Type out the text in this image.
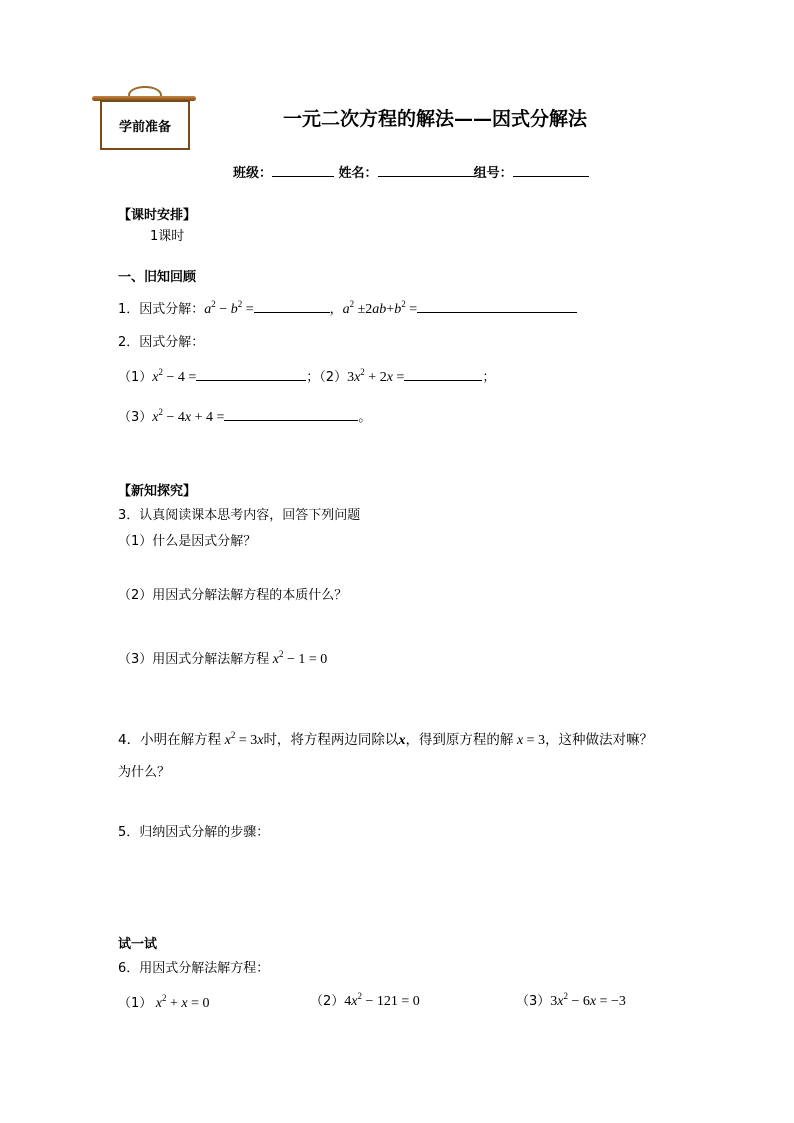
学前准备	一元二次方程的解法——因式分解法
班级：	姓名：	组号：
【课时安排】
1课时
一、旧知回顾
1．因式分解：$a^2 - b^2$ =	，$a^2 \pm 2ab+b^2$ =
2．因式分解：
$(1)x^2 - 4$ =	；$(2)3x^2 + 2x$ =	；
$(3)x^2 - 4x + 4$ =	。
【新知探究】
3．认真阅读课本思考内容，回答下列问题
（1）什么是因式分解？
（2）用因式分解法解方程的本质什么？
（3）用因式分解法解方程 $x^2 - 1 = 0$
4．小明在解方程 $x^2 = 3x$时，将方程两边同除以x，得到原方程的解 x = 3，这种做法对嘛？
为什么？
5．归纳因式分解的步骤：
试一试
6．用因式分解法解方程：
（1） $x^2 + x = 0$	$(2)4x^2 - 121 = 0$	$(3)3x^2 - 6x = -3$
